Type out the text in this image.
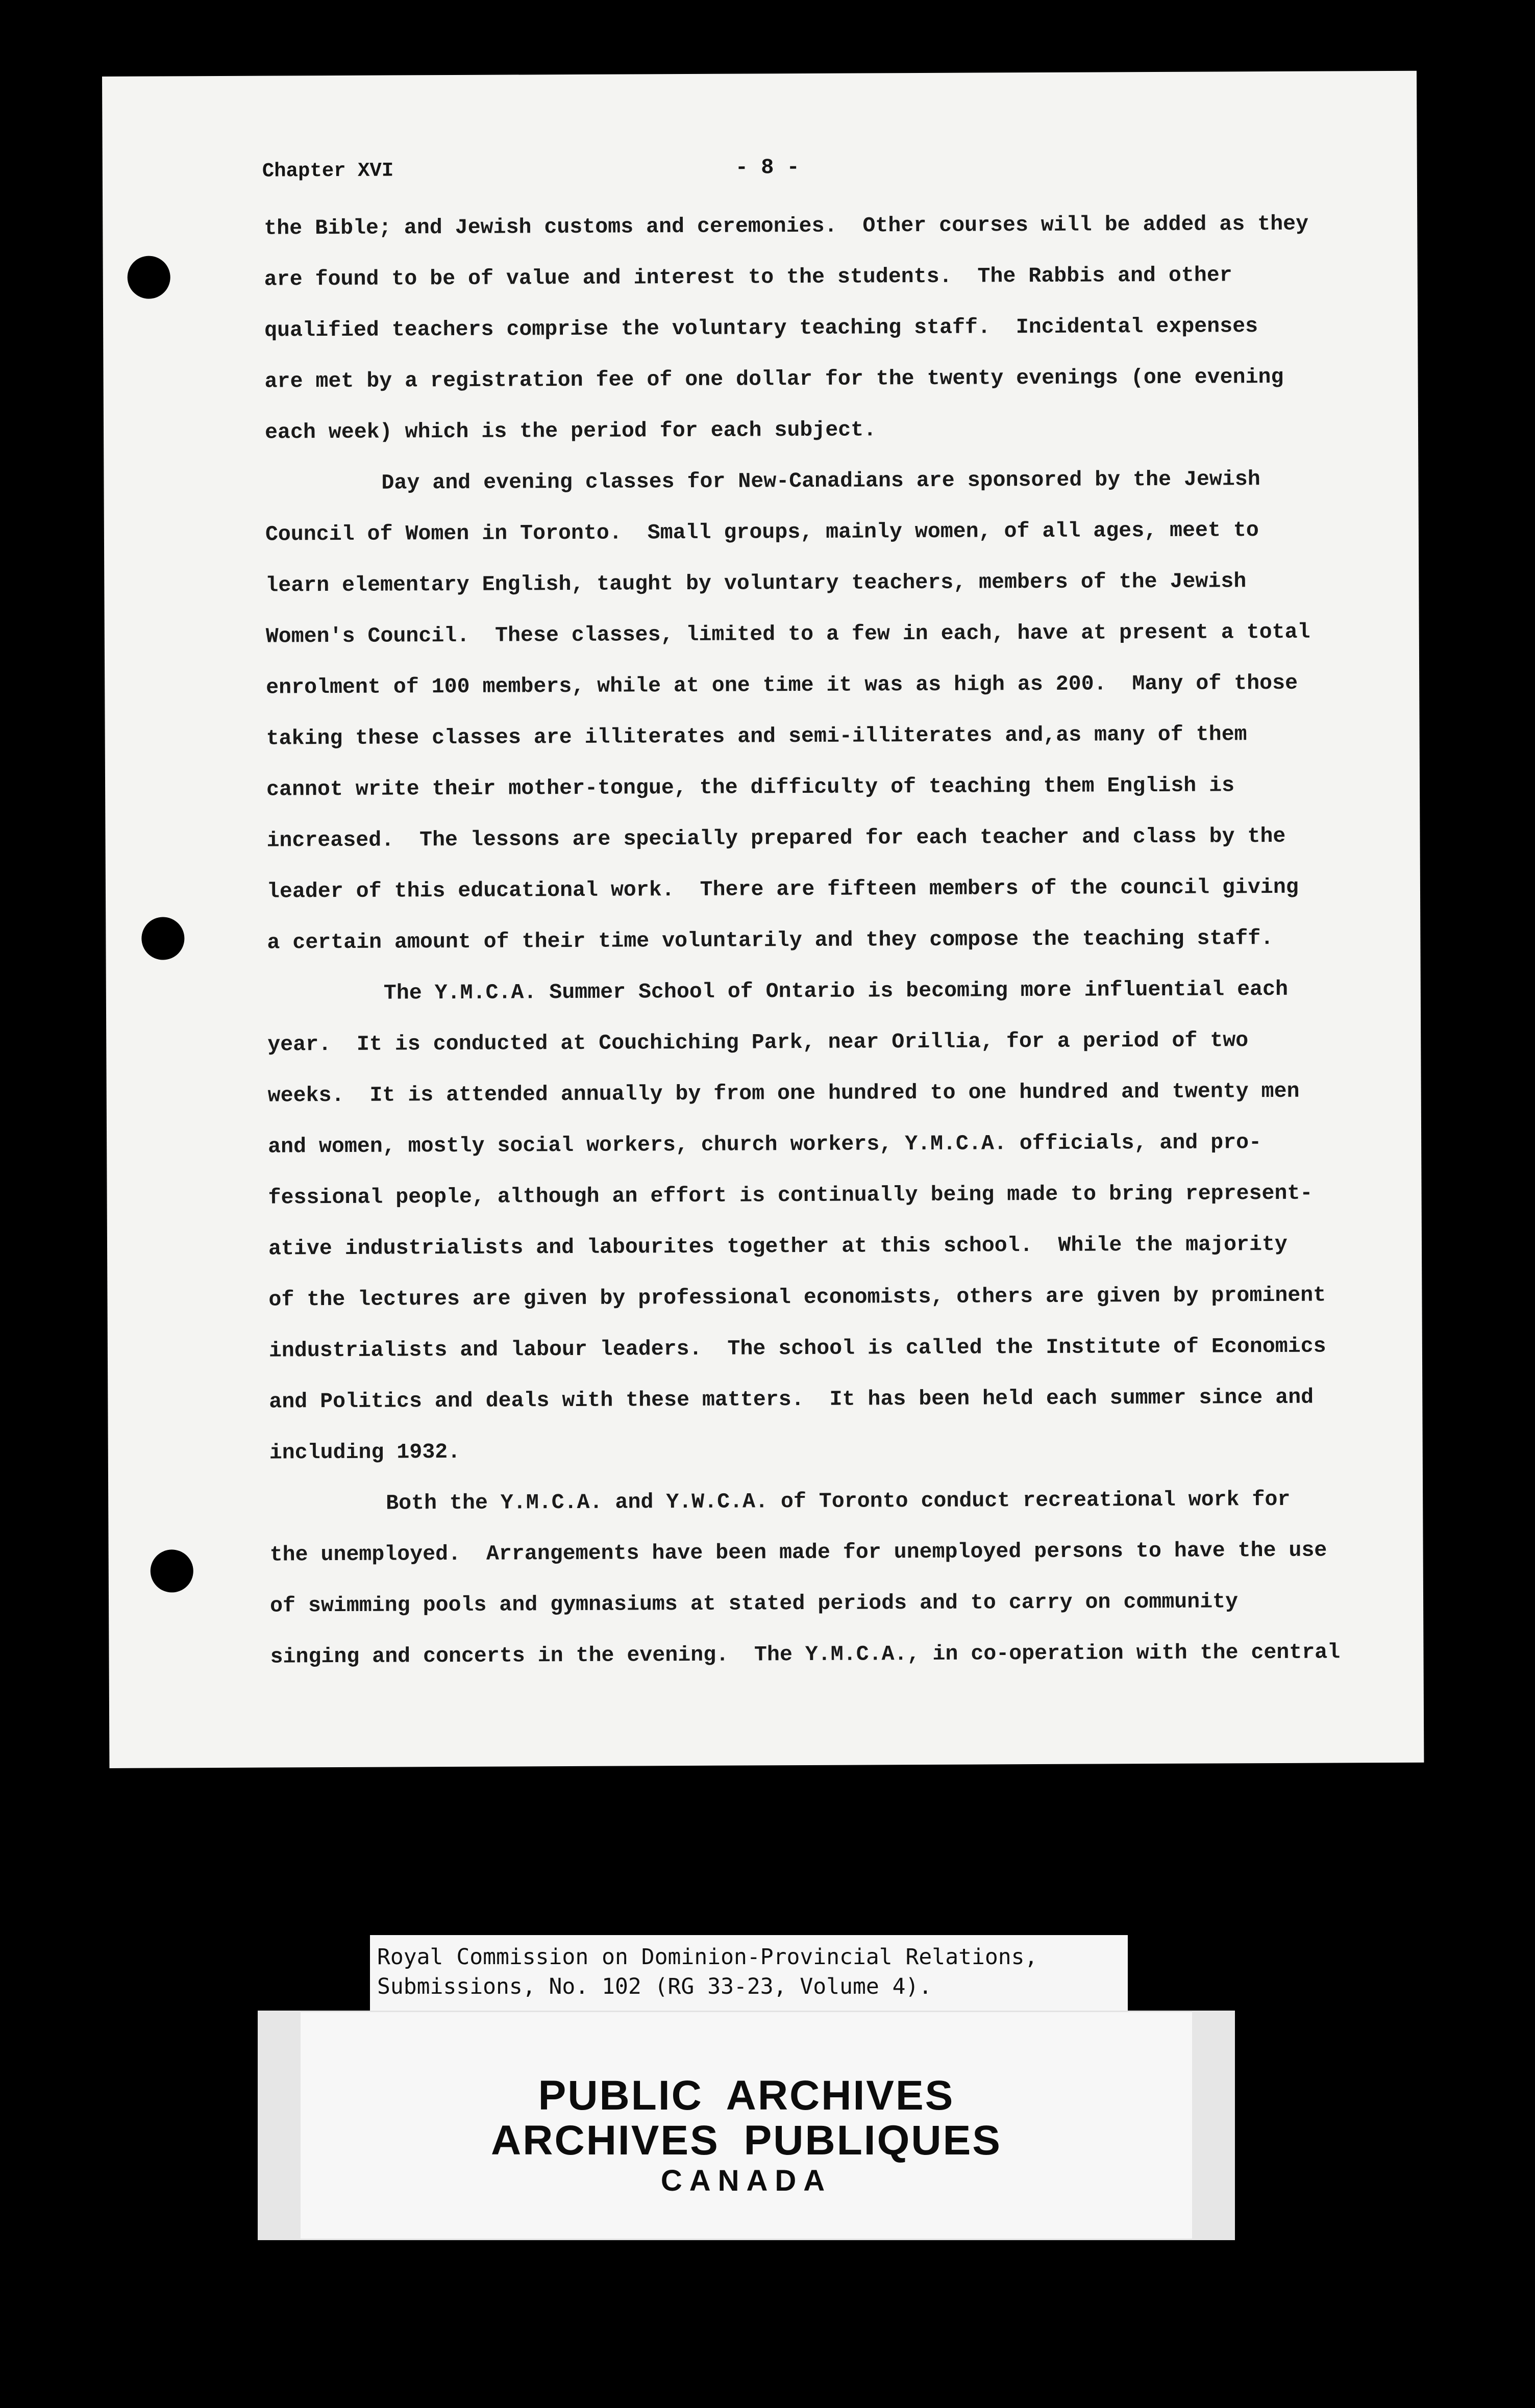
Chapter XVI	- 8 -
the Bible; and Jewish customs and ceremonies.  Other courses will be added as they
are found to be of value and interest to the students.  The Rabbis and other
qualified teachers comprise the voluntary teaching staff.  Incidental expenses
are met by a registration fee of one dollar for the twenty evenings (one evening
each week) which is the period for each subject.
Day and evening classes for New-Canadians are sponsored by the Jewish
Council of Women in Toronto.  Small groups, mainly women, of all ages, meet to
learn elementary English, taught by voluntary teachers, members of the Jewish
Women's Council.  These classes, limited to a few in each, have at present a total
enrolment of 100 members, while at one time it was as high as 200.  Many of those
taking these classes are illiterates and semi-illiterates and,as many of them
cannot write their mother-tongue, the difficulty of teaching them English is
increased.  The lessons are specially prepared for each teacher and class by the
leader of this educational work.  There are fifteen members of the council giving
a certain amount of their time voluntarily and they compose the teaching staff.
The Y.M.C.A. Summer School of Ontario is becoming more influential each
year.  It is conducted at Couchiching Park, near Orillia, for a period of two
weeks.  It is attended annually by from one hundred to one hundred and twenty men
and women, mostly social workers, church workers, Y.M.C.A. officials, and pro-
fessional people, although an effort is continually being made to bring represent-
ative industrialists and labourites together at this school.  While the majority
of the lectures are given by professional economists, others are given by prominent
industrialists and labour leaders.  The school is called the Institute of Economics
and Politics and deals with these matters.  It has been held each summer since and
including 1932.
Both the Y.M.C.A. and Y.W.C.A. of Toronto conduct recreational work for
the unemployed.  Arrangements have been made for unemployed persons to have the use
of swimming pools and gymnasiums at stated periods and to carry on community
singing and concerts in the evening.  The Y.M.C.A., in co-operation with the central
Royal Commission on Dominion-Provincial Relations,
Submissions, No. 102 (RG 33-23, Volume 4).
PUBLIC ARCHIVES
ARCHIVES PUBLIQUES
CANADA
